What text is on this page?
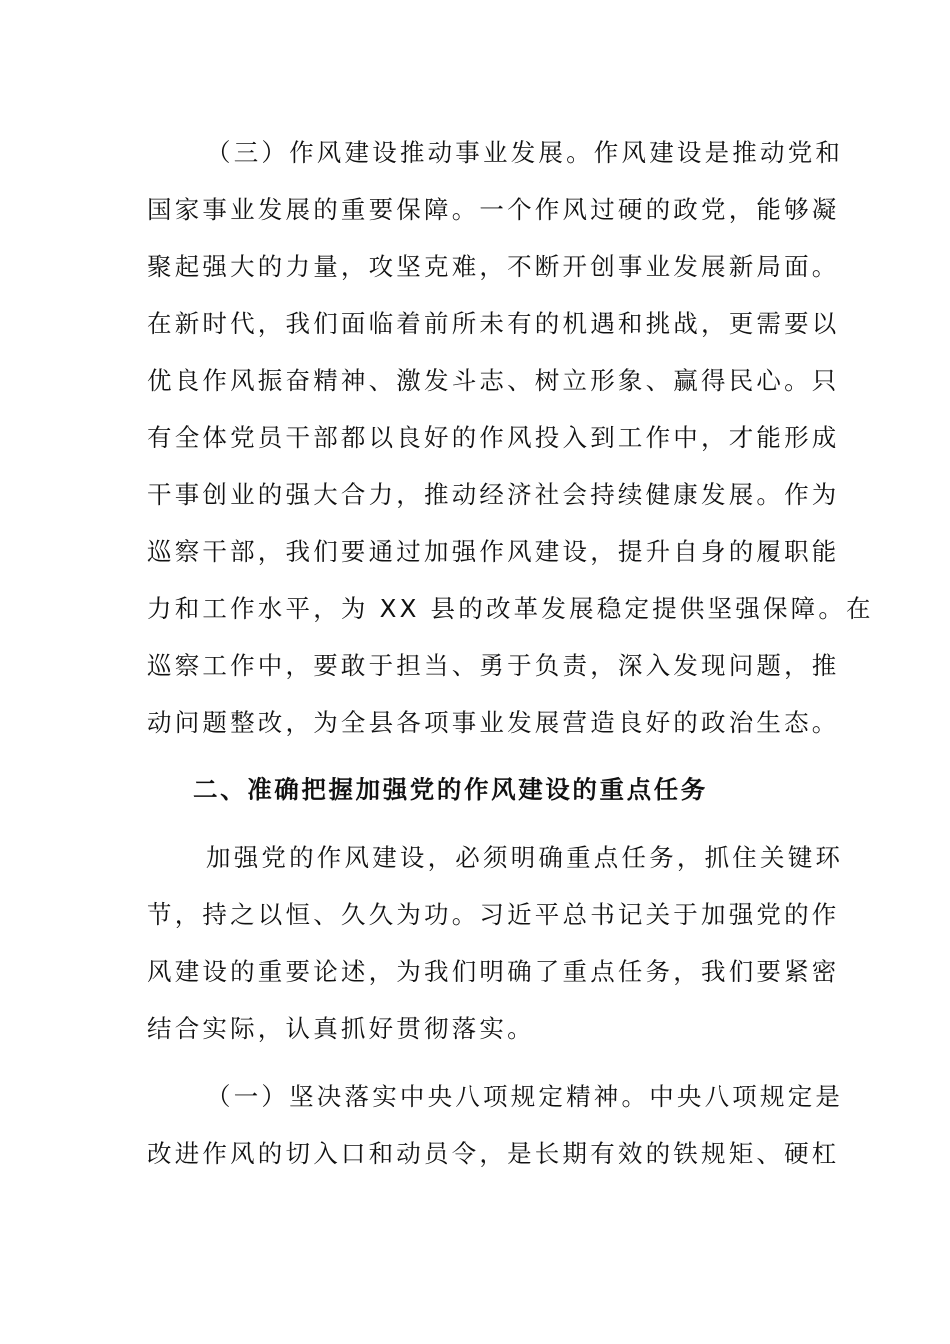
（三）作风建设推动事业发展。作风建设是推动党和
国家事业发展的重要保障。一个作风过硬的政党，能够凝
聚起强大的力量，攻坚克难，不断开创事业发展新局面。
在新时代，我们面临着前所未有的机遇和挑战，更需要以
优良作风振奋精神、激发斗志、树立形象、赢得民心。只
有全体党员干部都以良好的作风投入到工作中，才能形成
干事创业的强大合力，推动经济社会持续健康发展。作为
巡察干部，我们要通过加强作风建设，提升自身的履职能
力和工作水平，为 XX 县的改革发展稳定提供坚强保障。在
巡察工作中，要敢于担当、勇于负责，深入发现问题，推
动问题整改，为全县各项事业发展营造良好的政治生态。
二、准确把握加强党的作风建设的重点任务
加强党的作风建设，必须明确重点任务，抓住关键环
节，持之以恒、久久为功。习近平总书记关于加强党的作
风建设的重要论述，为我们明确了重点任务，我们要紧密
结合实际，认真抓好贯彻落实。
（一）坚决落实中央八项规定精神。中央八项规定是
改进作风的切入口和动员令，是长期有效的铁规矩、硬杠
